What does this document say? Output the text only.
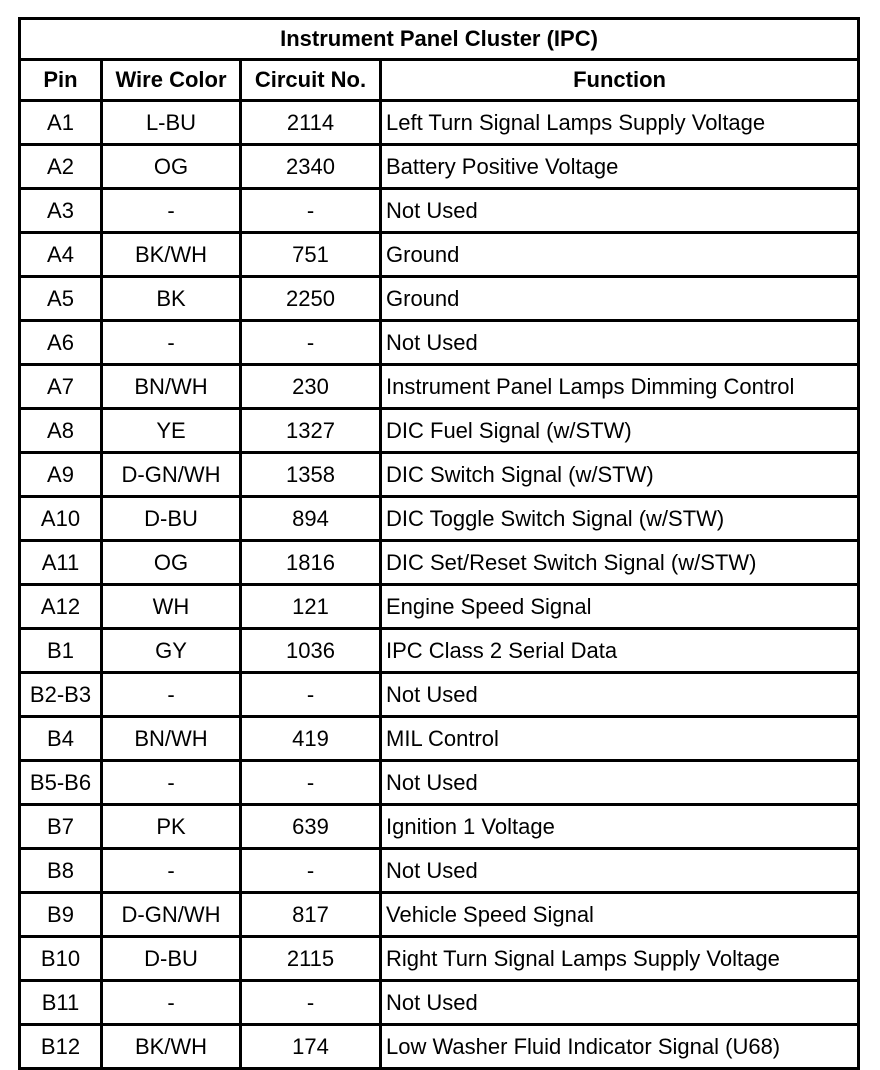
Instrument Panel Cluster (IPC)			
Pin	Wire Color	Circuit No.	Function
A1	L-BU	2114	Left Turn Signal Lamps Supply Voltage
A2	OG	2340	Battery Positive Voltage
A3	-	-	Not Used
A4	BK/WH	751	Ground
A5	BK	2250	Ground
A6	-	-	Not Used
A7	BN/WH	230	Instrument Panel Lamps Dimming Control
A8	YE	1327	DIC Fuel Signal (w/STW)
A9	D-GN/WH	1358	DIC Switch Signal (w/STW)
A10	D-BU	894	DIC Toggle Switch Signal (w/STW)
A11	OG	1816	DIC Set/Reset Switch Signal (w/STW)
A12	WH	121	Engine Speed Signal
B1	GY	1036	IPC Class 2 Serial Data
B2-B3	-	-	Not Used
B4	BN/WH	419	MIL Control
B5-B6	-	-	Not Used
B7	PK	639	Ignition 1 Voltage
B8	-	-	Not Used
B9	D-GN/WH	817	Vehicle Speed Signal
B10	D-BU	2115	Right Turn Signal Lamps Supply Voltage
B11	-	-	Not Used
B12	BK/WH	174	Low Washer Fluid Indicator Signal (U68)
